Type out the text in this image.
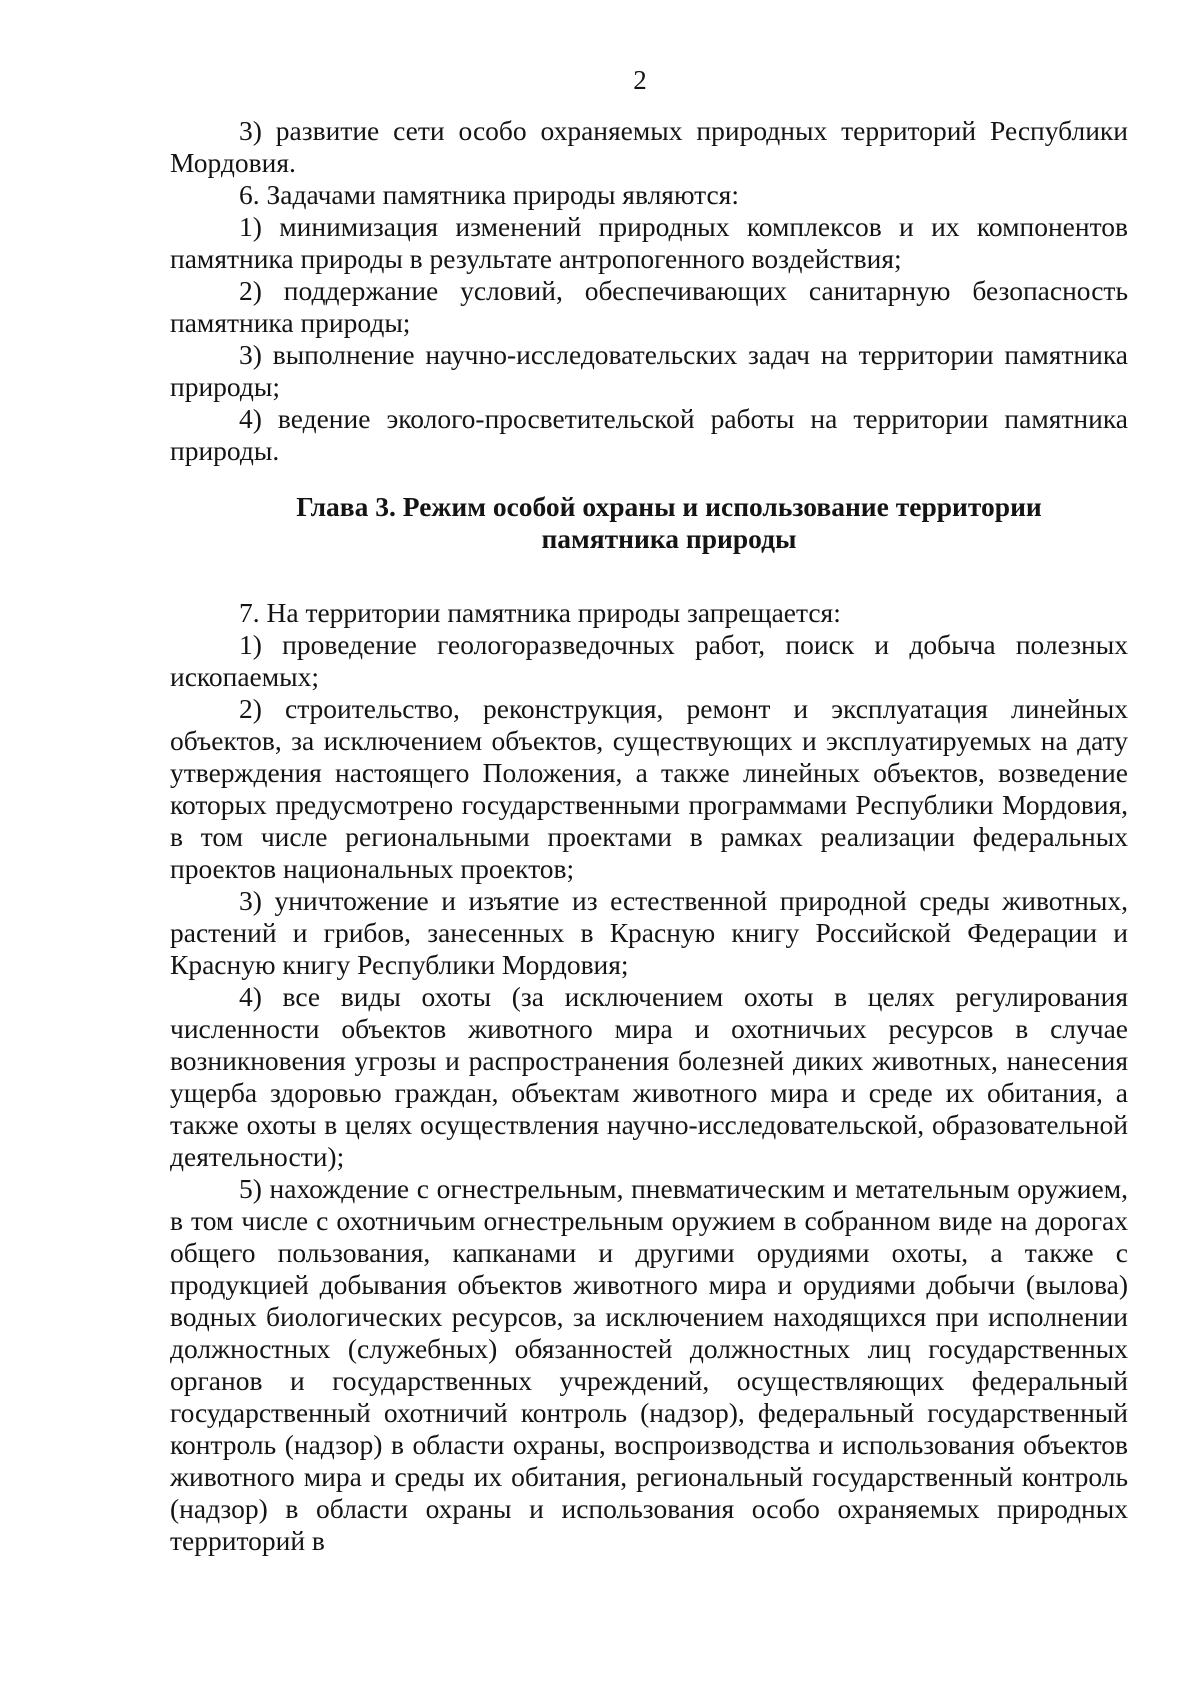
2

3) развитие сети особо охраняемых природных территорий Республики Мордовия.

6. Задачами памятника природы являются:

1) минимизация изменений природных комплексов и их компонентов памятника природы в результате антропогенного воздействия;

2) поддержание условий, обеспечивающих санитарную безопасность памятника природы;

3) выполнение научно-исследовательских задач на территории памятника природы;

4) ведение эколого-просветительской работы на территории памятника природы.

Глава 3. Режим особой охраны и использование территории
памятника природы

7. На территории памятника природы запрещается:

1) проведение геологоразведочных работ, поиск и добыча полезных ископаемых;

2) строительство, реконструкция, ремонт и эксплуатация линейных объектов, за исключением объектов, существующих и эксплуатируемых на дату утверждения настоящего Положения, а также линейных объектов, возведение которых предусмотрено государственными программами Республики Мордовия, в том числе региональными проектами в рамках реализации федеральных проектов национальных проектов;

3) уничтожение и изъятие из естественной природной среды животных, растений и грибов, занесенных в Красную книгу Российской Федерации и Красную книгу Республики Мордовия;

4) все виды охоты (за исключением охоты в целях регулирования численности объектов животного мира и охотничьих ресурсов в случае возникновения угрозы и распространения болезней диких животных, нанесения ущерба здоровью граждан, объектам животного мира и среде их обитания, а также охоты в целях осуществления научно-исследовательской, образовательной деятельности);

5) нахождение с огнестрельным, пневматическим и метательным оружием, в том числе с охотничьим огнестрельным оружием в собранном виде на дорогах общего пользования, капканами и другими орудиями охоты, а также с продукцией добывания объектов животного мира и орудиями добычи (вылова) водных биологических ресурсов, за исключением находящихся при исполнении должностных (служебных) обязанностей должностных лиц государственных органов и государственных учреждений, осуществляющих федеральный государственный охотничий контроль (надзор), федеральный государственный контроль (надзор) в области охраны, воспроизводства и использования объектов животного мира и среды их обитания, региональный государственный контроль (надзор) в области охраны и использования особо охраняемых природных территорий в
